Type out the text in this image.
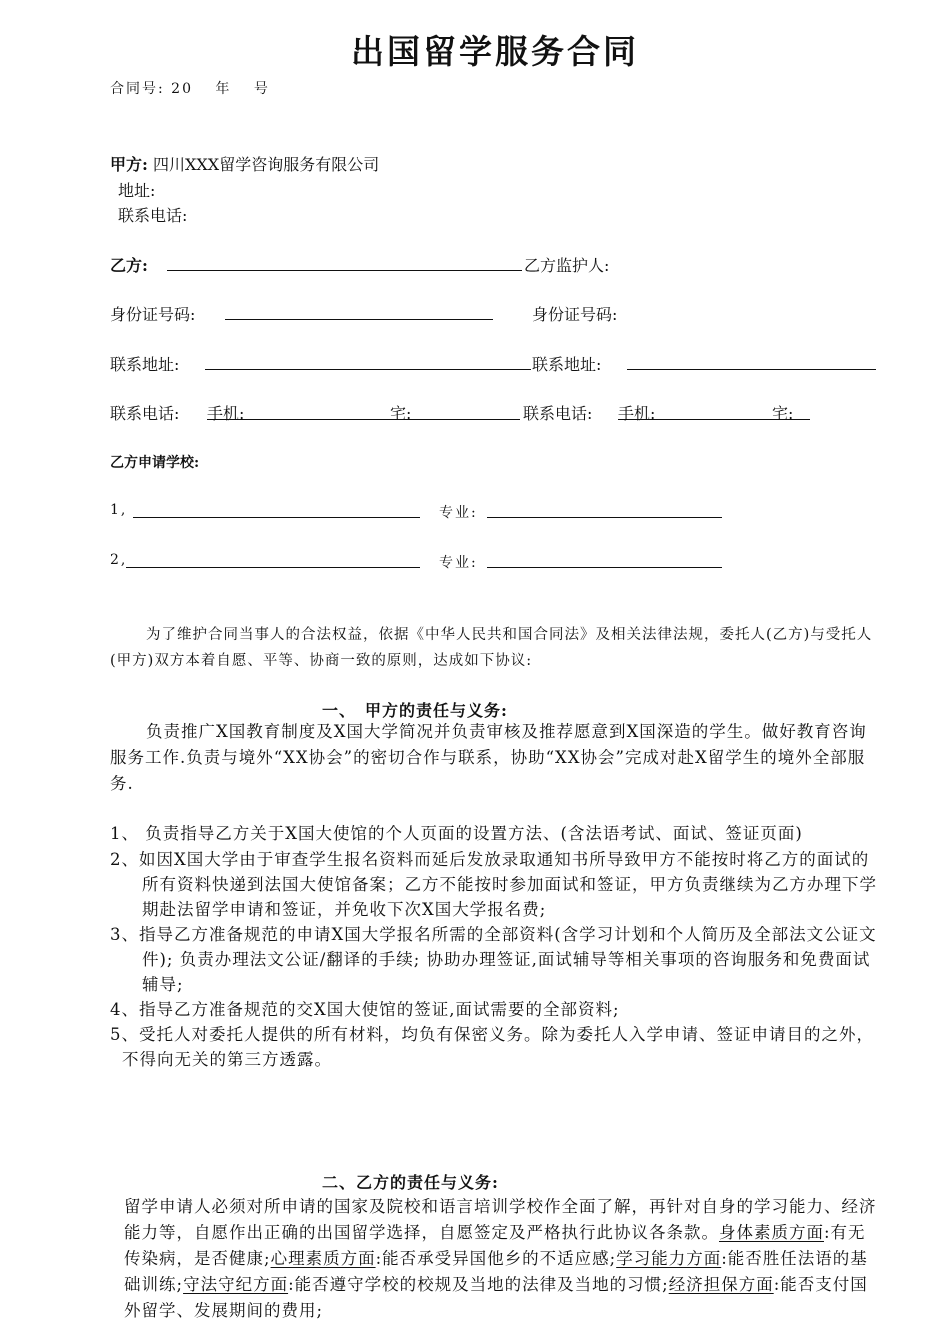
出国留学服务合同
合同号: 20　 年　 号
甲方: 四川XXX留学咨询服务有限公司
地址:
联系电话:
乙方:	乙方监护人:
身份证号码:	身份证号码:
联系地址:	联系地址:
联系电话: 手机:	宅:	联系电话: 手机:	宅:
乙方申请学校:
1,	专业:
2,	专业:
为了维护合同当事人的合法权益，依据《中华人民共和国合同法》及相关法律法规，委托人(乙方)与受托人(甲方)双方本着自愿、平等、协商一致的原则，达成如下协议:
一、　甲方的责任与义务:
负责推广X国教育制度及X国大学简况并负责审核及推荐愿意到X国深造的学生。做好教育咨询服务工作.负责与境外“XX协会”的密切合作与联系，协助“XX协会”完成对赴X留学生的境外全部服务.
1、 负责指导乙方关于X国大使馆的个人页面的设置方法、(含法语考试、面试、签证页面)
2、如因X国大学由于审查学生报名资料而延后发放录取通知书所导致甲方不能按时将乙方的面试的所有资料快递到法国大使馆备案；乙方不能按时参加面试和签证，甲方负责继续为乙方办理下学期赴法留学申请和签证，并免收下次X国大学报名费;
3、指导乙方准备规范的申请X国大学报名所需的全部资料(含学习计划和个人简历及全部法文公证文件); 负责办理法文公证/翻译的手续; 协助办理签证,面试辅导等相关事项的咨询服务和免费面试辅导;
4、指导乙方准备规范的交X国大使馆的签证,面试需要的全部资料;
5、受托人对委托人提供的所有材料，均负有保密义务。除为委托人入学申请、签证申请目的之外，不得向无关的第三方透露。
二、乙方的责任与义务:
留学申请人必须对所申请的国家及院校和语言培训学校作全面了解，再针对自身的学习能力、经济能力等，自愿作出正确的出国留学选择，自愿签定及严格执行此协议各条款。身体素质方面:有无传染病，是否健康;心理素质方面:能否承受异国他乡的不适应感;学习能力方面:能否胜任法语的基础训练;守法守纪方面:能否遵守学校的校规及当地的法律及当地的习惯;经济担保方面:能否支付国外留学、发展期间的费用;
